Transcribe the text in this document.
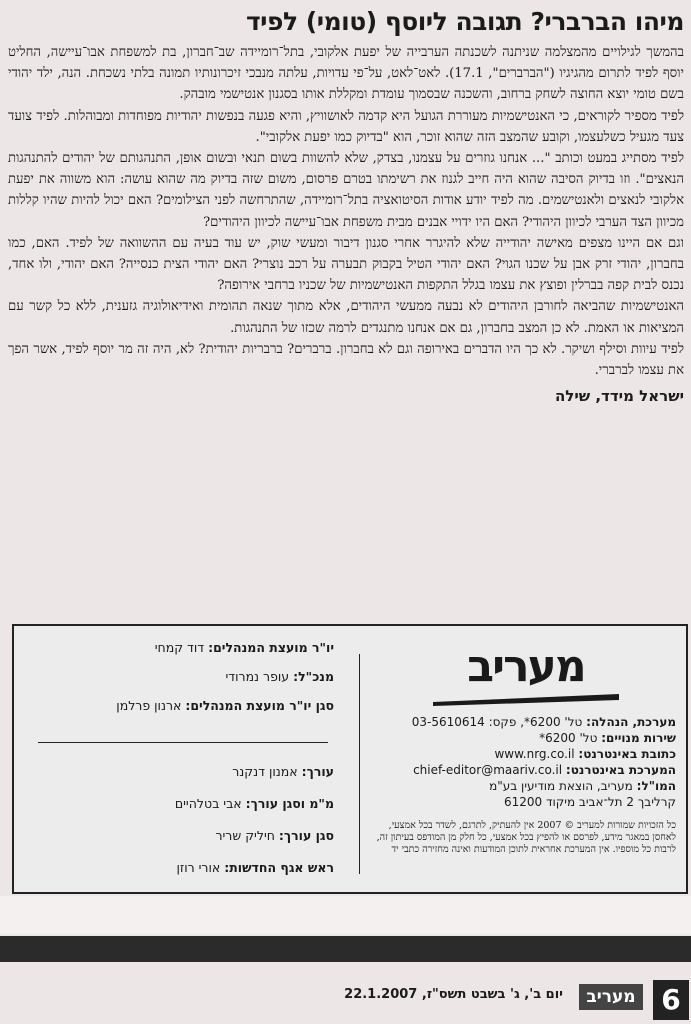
מיהו הברברי? תגובה ליוסף (טומי) לפיד

בהמשך לגילויים מהמצלמה שניתנה לשכנתה הערבייה של יפעת אלקובי, בתל־רומיידה שב־חברון, בת למשפחת אבו־עיישה, החליט יוסף לפיד לתרום מהגיגיו ("הברברים", 17.1). לאט־לאט, על־פי עדויות, עלתה מנבכי זיכרונותיו תמונה בלתי נשכחת. הנה, ילד יהודי בשם טומי יוצא החוצה לשחק ברחוב, והשכנה שבסמוך עומדת ומקללת אותו בסגנון אנטישמי מובהק.

לפיד מספיר לקוראים, כי האנטישמיות מעוררת הגועל היא קדמה לאושוויץ, והיא פגעה בנפשות יהודיות מפוחדות ומבוהלות. לפיד צועד צעד מגעיל כשלעצמו, וקובע שהמצב הזה שהוא זוכר, הוא "בדיוק כמו יפעת אלקובי".

לפיד מסתייג במעט וכותב "... אנחנו גוזרים על עצמנו, בצדק, שלא להשוות בשום תנאי ובשום אופן, התנהגותם של יהודים להתנהגות הנאצים". וזו בדיוק הסיבה שהוא היה חייב לגנוז את רשימתו בטרם פרסום, משום שזה בדיוק מה שהוא עושה: הוא משווה את יפעת אלקובי לנאצים ולאנטישמים. מה לפיד יודע אודות הסיטואציה בתל־רומיידה, שהתרחשה לפני הצילומים? האם יכול להיות שהיו קללות מכיוון הצד הערבי לכיוון היהודי? האם היו ידויי אבנים מבית משפחת אבו־עיישה לכיוון היהודים?

וגם אם היינו מצפים מאישה יהודייה שלא להיגרר אחרי סגנון דיבור ומעשי שוק, יש עוד בעיה עם ההשוואה של לפיד. האם, כמו בחברון, יהודי זרק אבן על שכנו הגוי? האם יהודי הטיל בקבוק תבערה על רכב נוצרי? האם יהודי הצית כנסייה? האם יהודי, ולו אחד, נכנס לבית קפה בברלין ופוצץ את עצמו בגלל התקפות האנטישמיות של שכניו ברחבי אירופה?

האנטישמיות שהביאה לחורבן היהודים לא נבעה ממעשי היהודים, אלא מתוך שנאה תהומית ואידיאולוגיה גזענית, ללא כל קשר עם המציאות או האמת. לא כן המצב בחברון, גם אם אנחנו מתנגדים לרמה שכזו של התנהגות.

לפיד עיוות וסילף ושיקר. לא כך היו הדברים באירופה וגם לא בחברון. ברברים? ברבריות יהודית? לא, היה זה מר יוסף לפיד, אשר הפך את עצמו לברברי.

ישראל מידד, שילה
מעריב
מערכת, הנהלה: טל' 6200*, פקס: 03-5610614
שירות מנויים: טל' 6200*
כתובת באינטרנט: www.nrg.co.il
המערכת באינטרנט: chief-editor@maariv.co.il
המו"ל: מעריב, הוצאת מודיעין בע"מ
קרליבך 2 תל־אביב מיקוד 61200
כל הזכויות שמורות למעריב © 2007 אין להעתיק, לתרגם, לשדר בכל אמצעי, לאחסן במאגר מידע, לפרסם או להפיץ בכל אמצעי, כל חלק מן המודפס בעיתון זה, לרבות כל מוספיו. אין המערכת אחראית לתוכן המודעות ואינה מחזירה כתבי יד
יו"ר מועצת המנהלים: דוד קמחי
מנכ"ל: עופר נמרודי
סגן יו"ר מועצת המנהלים: ארנון פרלמן
עורך: אמנון דנקנר
מ"מ וסגן עורך: אבי בטלהיים
סגן עורך: חיליק שריר
ראש אגף החדשות: אורי רוזן
6
מעריב
יום ב', ג' בשבט תשס"ז, 22.1.2007
